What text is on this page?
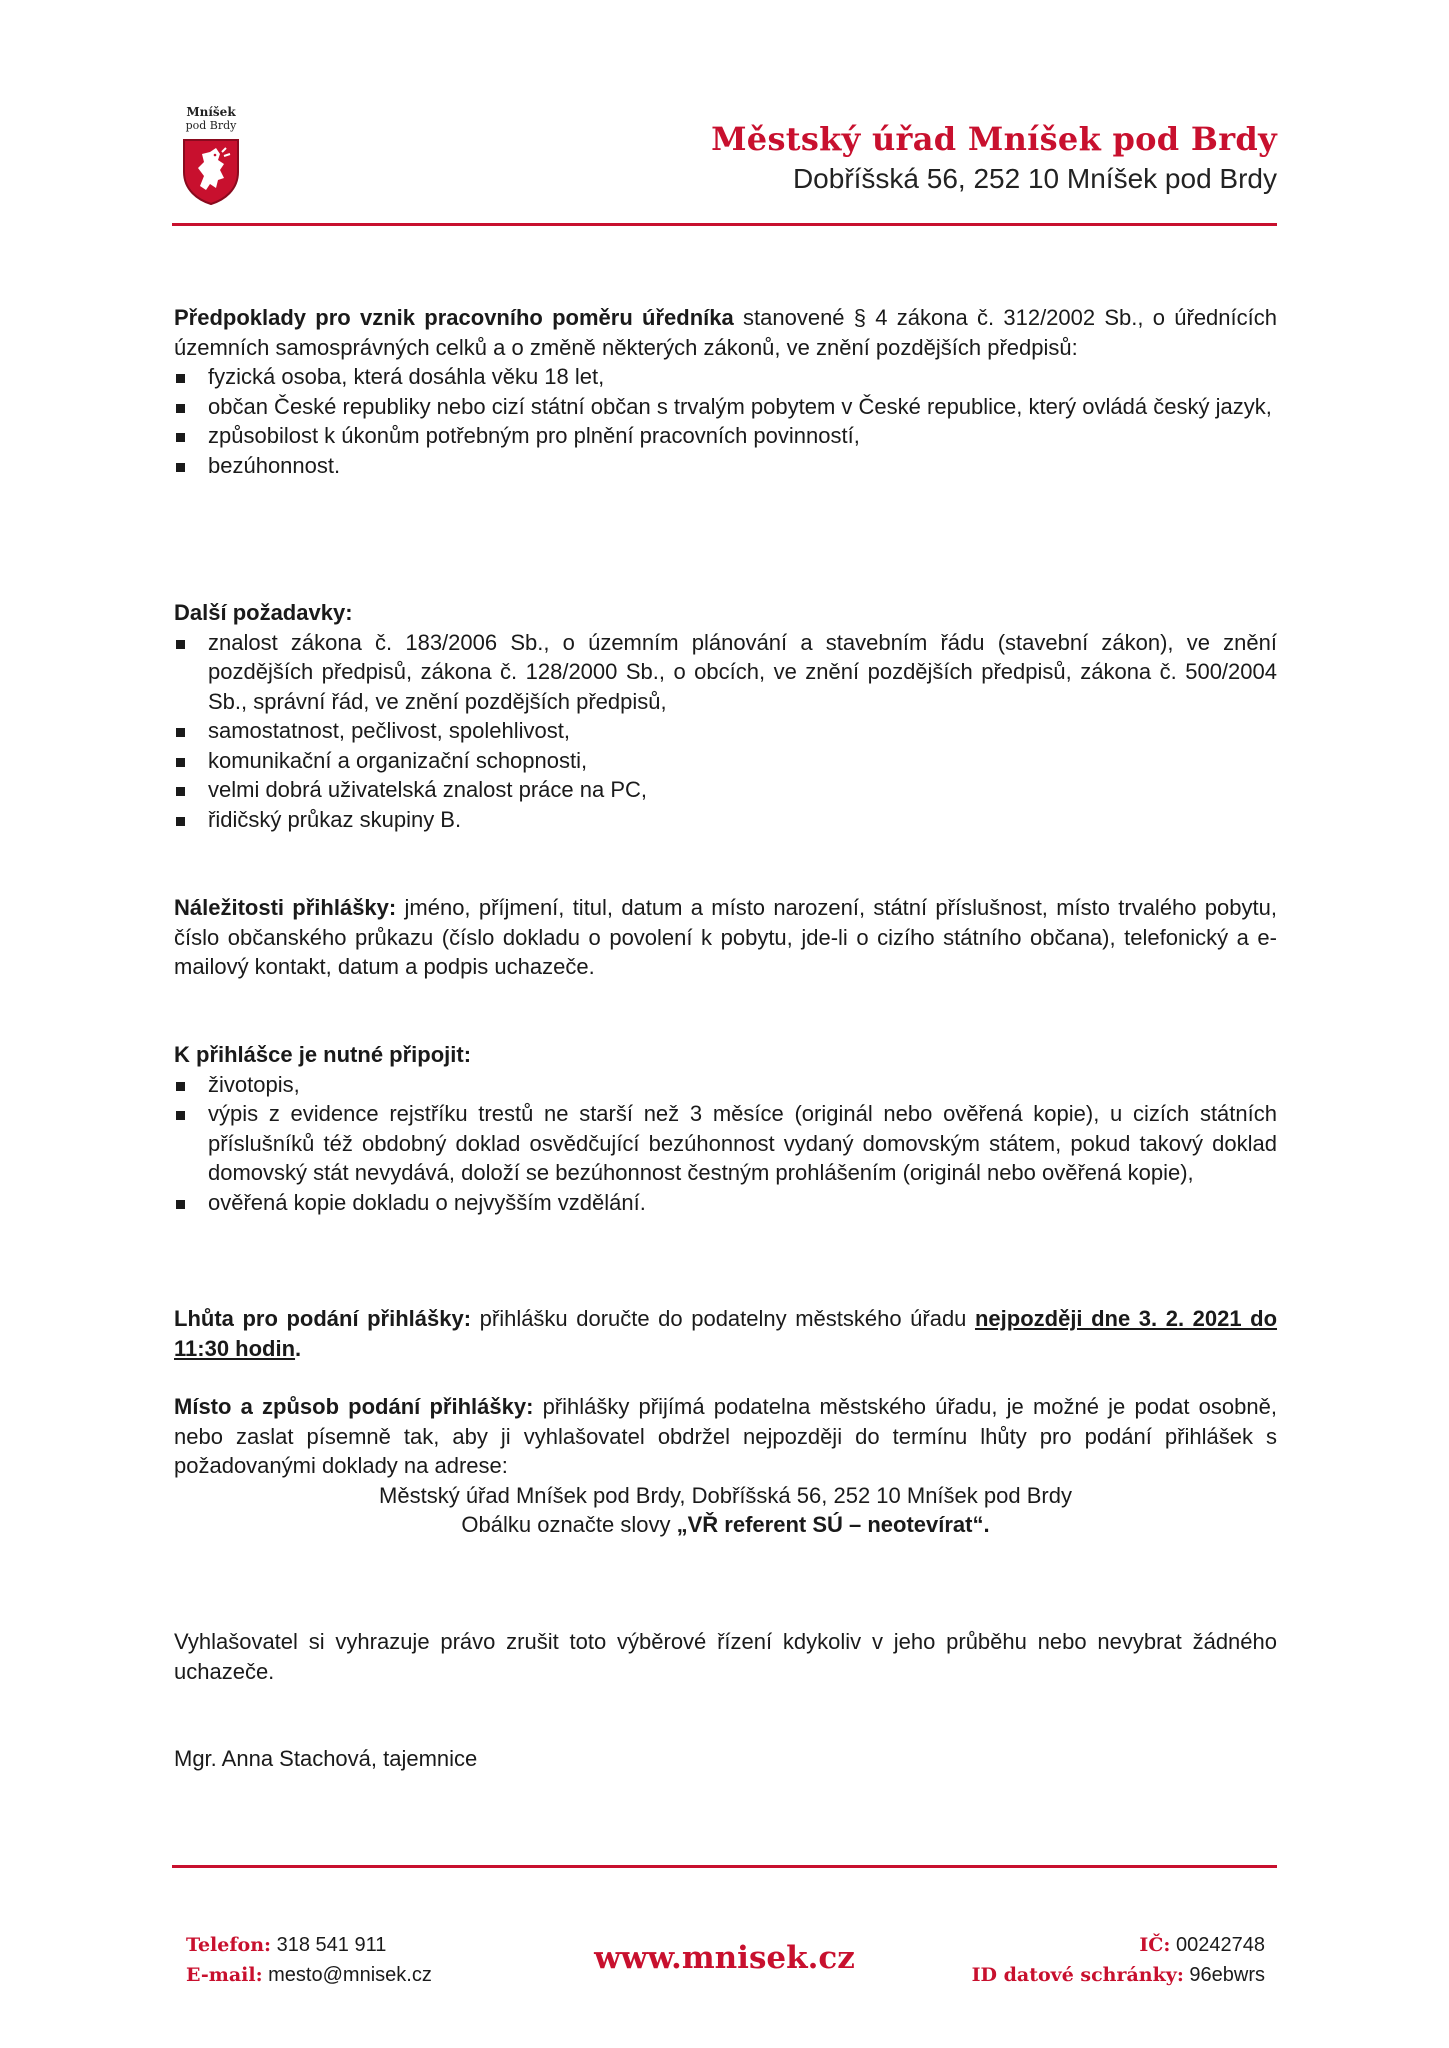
Mníšek
pod Brdy	Městský úřad Mníšek pod Brdy
Dobříšská 56, 252 10 Mníšek pod Brdy

Předpoklady pro vznik pracovního poměru úředníka stanovené § 4 zákona č. 312/2002 Sb., o úřednících územních samosprávných celků a o změně některých zákonů, ve znění pozdějších předpisů:

fyzická osoba, která dosáhla věku 18 let,
občan České republiky nebo cizí státní občan s trvalým pobytem v České republice, který ovládá český jazyk,
způsobilost k úkonům potřebným pro plnění pracovních povinností,
bezúhonnost.

Další požadavky:

znalost zákona č. 183/2006 Sb., o územním plánování a stavebním řádu (stavební zákon), ve znění pozdějších předpisů, zákona č. 128/2000 Sb., o obcích, ve znění pozdějších předpisů, zákona č. 500/2004 Sb., správní řád, ve znění pozdějších předpisů,
samostatnost, pečlivost, spolehlivost,
komunikační a organizační schopnosti,
velmi dobrá uživatelská znalost práce na PC,
řidičský průkaz skupiny B.

Náležitosti přihlášky: jméno, příjmení, titul, datum a místo narození, státní příslušnost, místo trvalého pobytu, číslo občanského průkazu (číslo dokladu o povolení k pobytu, jde-li o cizího státního občana), telefonický a e-mailový kontakt, datum a podpis uchazeče.

K přihlášce je nutné připojit:

životopis,
výpis z evidence rejstříku trestů ne starší než 3 měsíce (originál nebo ověřená kopie), u cizích státních příslušníků též obdobný doklad osvědčující bezúhonnost vydaný domovským státem, pokud takový doklad domovský stát nevydává, doloží se bezúhonnost čestným prohlášením (originál nebo ověřená kopie),
ověřená kopie dokladu o nejvyšším vzdělání.

Lhůta pro podání přihlášky: přihlášku doručte do podatelny městského úřadu nejpozději dne 3. 2. 2021 do 11:30 hodin.

Místo a způsob podání přihlášky: přihlášky přijímá podatelna městského úřadu, je možné je podat osobně, nebo zaslat písemně tak, aby ji vyhlašovatel obdržel nejpozději do termínu lhůty pro podání přihlášek s požadovanými doklady na adrese:

Městský úřad Mníšek pod Brdy, Dobříšská 56, 252 10 Mníšek pod Brdy

Obálku označte slovy „VŘ referent SÚ – neotevírat“.

Vyhlašovatel si vyhrazuje právo zrušit toto výběrové řízení kdykoliv v jeho průběhu nebo nevybrat žádného uchazeče.

Mgr. Anna Stachová, tajemnice

Telefon: 318 541 911
E-mail: mesto@mnisek.cz	www.mnisek.cz	IČ: 00242748
ID datové schránky: 96ebwrs
